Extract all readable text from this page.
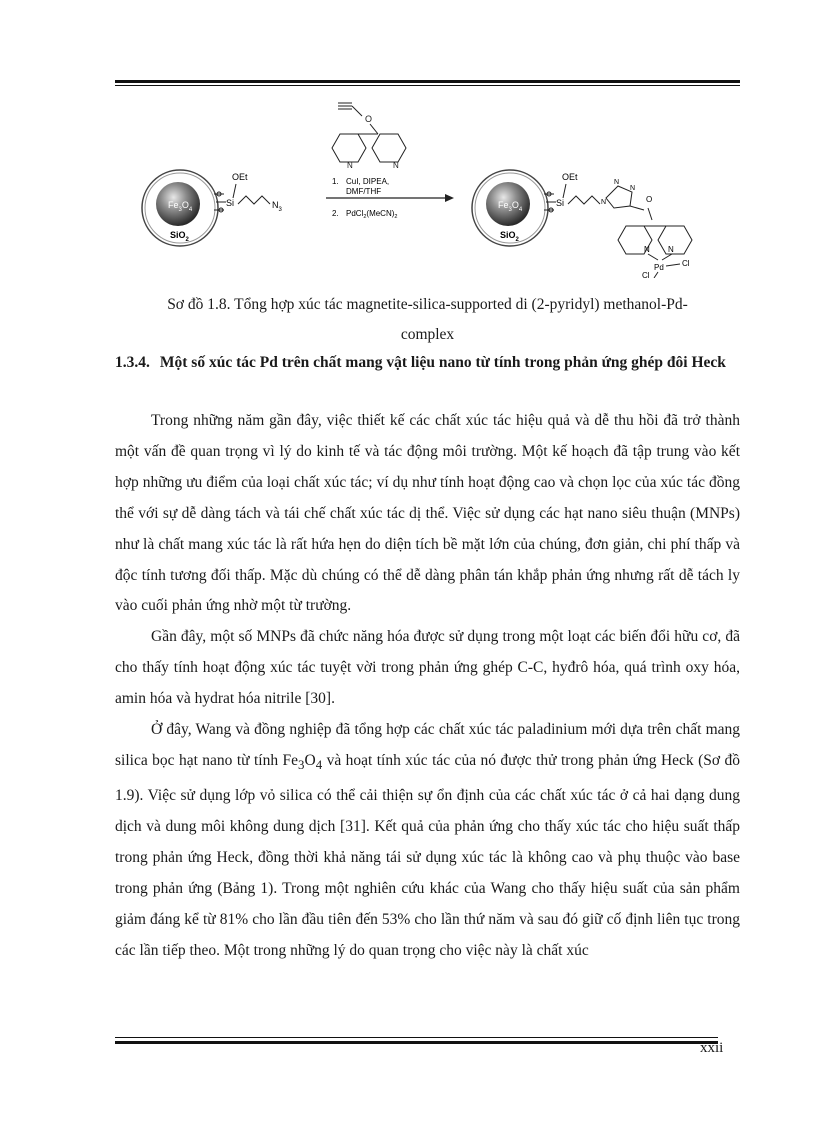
$Fe_3O_4$
SiO$_2$
Si
OEt
$N_3$
O
N	N
1. CuI, DIPEA,
DMF/THF
2. $PdCl_2(MeCN)_2$
$Fe_3O_4$
SiO$_2$
Si
OEt
N
N
N
O
N N
Pd Cl
Cl
Sơ đồ 1.8. Tổng hợp xúc tác magnetite-silica-supported di (2-pyridyl) methanol-Pd-
complex
1.3.4. Một số xúc tác Pd trên chất mang vật liệu nano từ tính trong phản ứng ghép đôi Heck

Trong những năm gần đây, việc thiết kế các chất xúc tác hiệu quả và dễ thu hồi đã trở thành một vấn đề quan trọng vì lý do kinh tế và tác động môi trường. Một kế hoạch đã tập trung vào kết hợp những ưu điểm của loại chất xúc tác; ví dụ như tính hoạt động cao và chọn lọc của xúc tác đồng thể với sự dễ dàng tách và tái chế chất xúc tác dị thể. Việc sử dụng các hạt nano siêu thuận (MNPs) như là chất mang xúc tác là rất hứa hẹn do diện tích bề mặt lớn của chúng, đơn giản, chi phí thấp và độc tính tương đối thấp. Mặc dù chúng có thể dễ dàng phân tán khắp phản ứng nhưng rất dễ tách ly vào cuối phản ứng nhờ một từ trường.

Gần đây, một số MNPs đã chức năng hóa được sử dụng trong một loạt các biến đổi hữu cơ, đã cho thấy tính hoạt động xúc tác tuyệt vời trong phản ứng ghép C-C, hyđrô hóa, quá trình oxy hóa, amin hóa và hydrat hóa nitrile [30].

Ở đây, Wang và đồng nghiệp đã tổng hợp các chất xúc tác paladinium mới dựa trên chất mang silica bọc hạt nano từ tính $Fe_3O_4$ và hoạt tính xúc tác của nó được thử trong phản ứng Heck (Sơ đồ 1.9). Việc sử dụng lớp vỏ silica có thể cải thiện sự ổn định của các chất xúc tác ở cả hai dạng dung dịch và dung môi không dung dịch [31]. Kết quả của phản ứng cho thấy xúc tác cho hiệu suất thấp trong phản ứng Heck, đồng thời khả năng tái sử dụng xúc tác là không cao và phụ thuộc vào base trong phản ứng (Bảng 1). Trong một nghiên cứu khác của Wang cho thấy hiệu suất của sản phẩm giảm đáng kể từ 81% cho lần đầu tiên đến 53% cho lần thứ năm và sau đó giữ cố định liên tục trong các lần tiếp theo. Một trong những lý do quan trọng cho việc này là chất xúc

xxii
